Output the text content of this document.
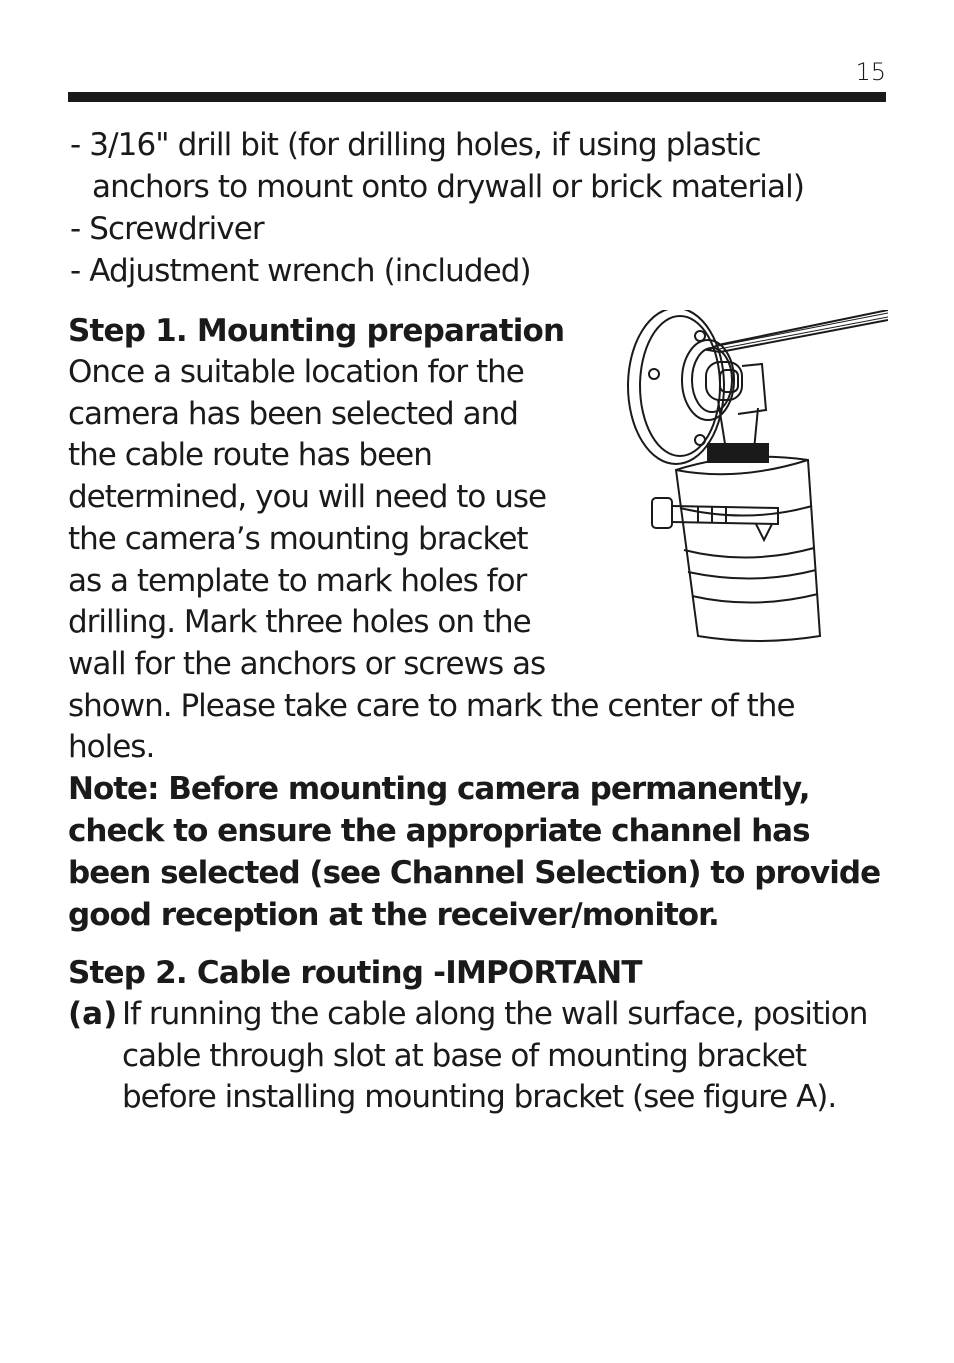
15
- 3/16" drill bit (for drilling holes, if using plastic anchors to mount onto drywall or brick material)
- Screwdriver
- Adjustment wrench (included)
Step 1. Mounting preparation

Once a suitable location for the camera has been selected and the cable route has been determined, you will need to use the camera’s mounting bracket as a template to mark holes for drilling. Mark three holes on the wall for the anchors or screws as shown. Please take care to mark the center of the holes.

Note: Before mounting camera permanently, check to ensure the appropriate channel has been selected (see Channel Selection) to provide good reception at the receiver/monitor.

Step 2. Cable routing -IMPORTANT
(a) If running the cable along the wall surface, position cable through slot at base of mounting bracket before installing mounting bracket (see figure A).
